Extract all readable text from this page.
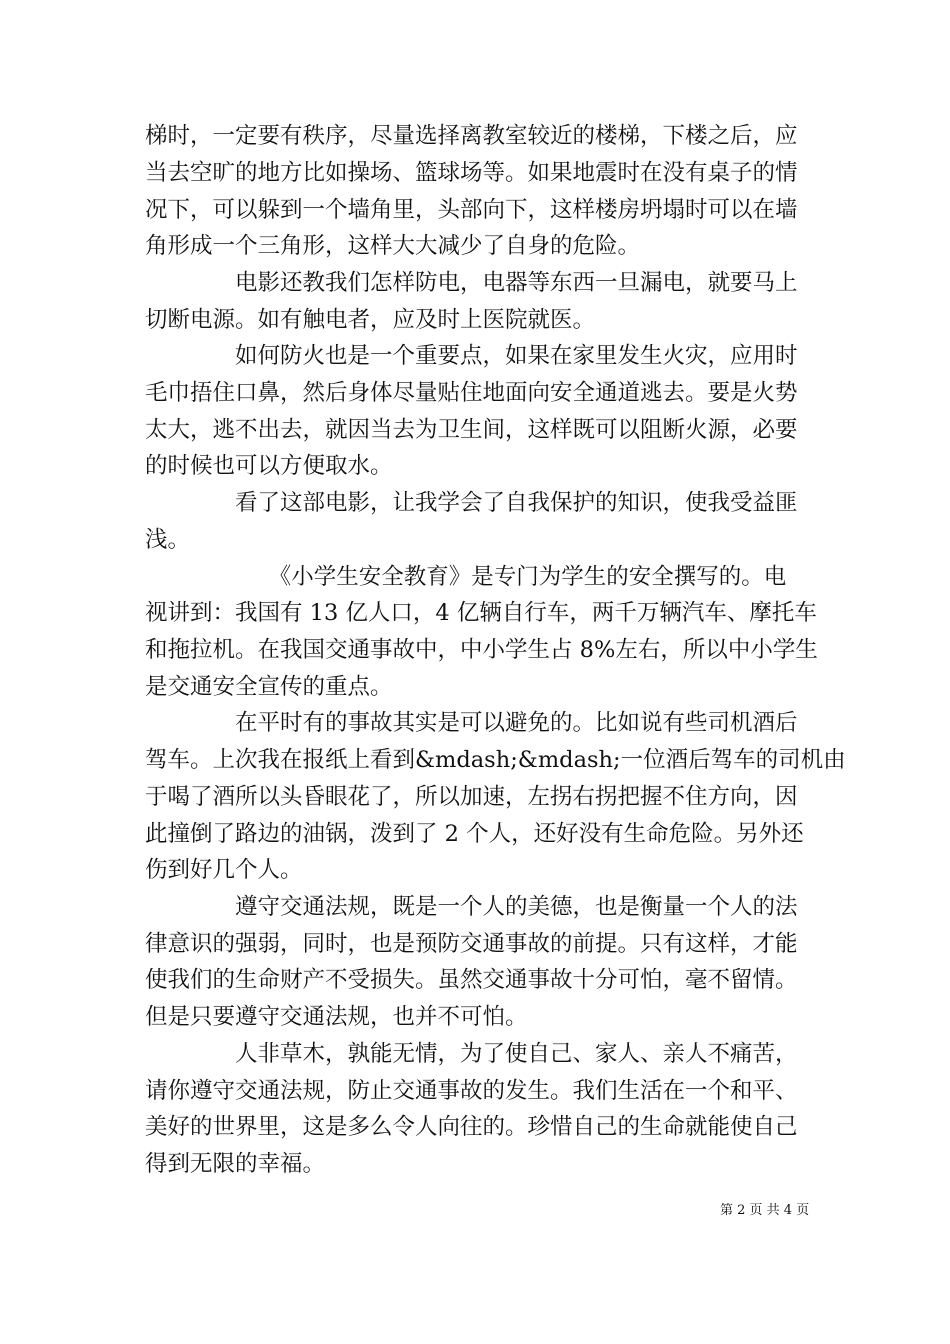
梯时，一定要有秩序，尽量选择离教室较近的楼梯，下楼之后，应
当去空旷的地方比如操场、篮球场等。如果地震时在没有桌子的情
况下，可以躲到一个墙角里，头部向下，这样楼房坍塌时可以在墙
角形成一个三角形，这样大大减少了自身的危险。
　　　　电影还教我们怎样防电，电器等东西一旦漏电，就要马上
切断电源。如有触电者，应及时上医院就医。
　　　　如何防火也是一个重要点，如果在家里发生火灾，应用时
毛巾捂住口鼻，然后身体尽量贴住地面向安全通道逃去。要是火势
太大，逃不出去，就因当去为卫生间，这样既可以阻断火源，必要
的时候也可以方便取水。
　　　　看了这部电影，让我学会了自我保护的知识，使我受益匪
浅。
　　　　　　《小学生安全教育》是专门为学生的安全撰写的。电
视讲到：我国有 13 亿人口，4 亿辆自行车，两千万辆汽车、摩托车
和拖拉机。在我国交通事故中，中小学生占 8%左右，所以中小学生
是交通安全宣传的重点。
　　　　在平时有的事故其实是可以避免的。比如说有些司机酒后
驾车。上次我在报纸上看到&mdash;&mdash;一位酒后驾车的司机由
于喝了酒所以头昏眼花了，所以加速，左拐右拐把握不住方向，因
此撞倒了路边的油锅，泼到了 2 个人，还好没有生命危险。另外还
伤到好几个人。
　　　　遵守交通法规，既是一个人的美德，也是衡量一个人的法
律意识的强弱，同时，也是预防交通事故的前提。只有这样，才能
使我们的生命财产不受损失。虽然交通事故十分可怕，毫不留情。
但是只要遵守交通法规，也并不可怕。
　　　　人非草木，孰能无情，为了使自己、家人、亲人不痛苦，
请你遵守交通法规，防止交通事故的发生。我们生活在一个和平、
美好的世界里，这是多么令人向往的。珍惜自己的生命就能使自己
得到无限的幸福。
第 2 页 共 4 页
